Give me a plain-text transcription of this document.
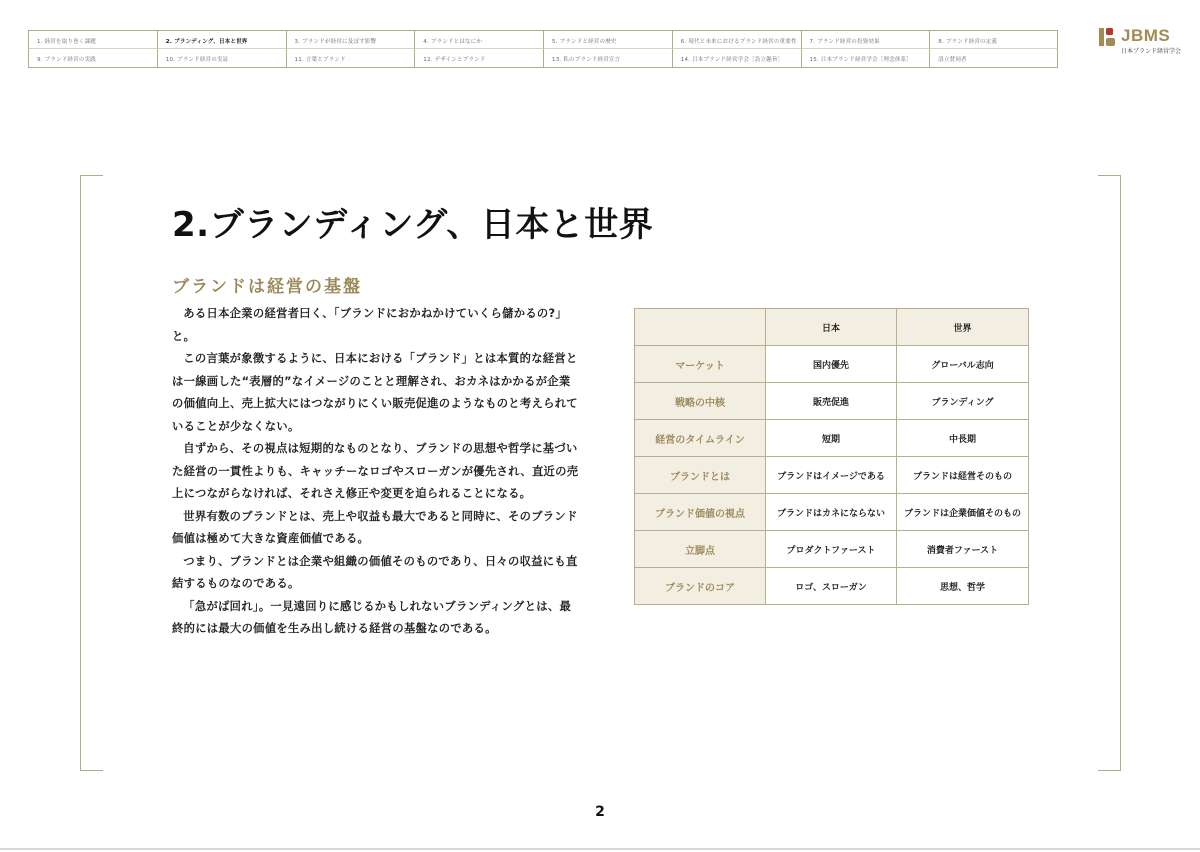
1. 経営を取り巻く課題	2. ブランディング、日本と世界	3. ブランドが経営に及ぼす影響	4. ブランドとはなにか	5. ブランドと経営の歴史	6. 現代と未来におけるブランド経営の重要性	7. ブランド経営の投資効果	8. ブランド経営の定義
9. ブランド経営の実践	10. ブランド経営の実証	11. 言葉とブランド	12. デザインとブランド	13. 私のブランド経営宣言	14. 日本ブランド経営学会［設立趣旨］	15. 日本ブランド経営学会［理念体系］	設立賛同者
JBMS
日本ブランド経営学会
2.ブランディング、日本と世界
ブランドは経営の基盤

ある日本企業の経営者曰く、「ブランドにおかねかけていくら儲かるの?」と。

この言葉が象徴するように、日本における「ブランド」とは本質的な経営とは一線画した“表層的”なイメージのことと理解され、おカネはかかるが企業の価値向上、売上拡大にはつながりにくい販売促進のようなものと考えられていることが少なくない。

自ずから、その視点は短期的なものとなり、ブランドの思想や哲学に基づいた経営の一貫性よりも、キャッチーなロゴやスローガンが優先され、直近の売上につながらなければ、それさえ修正や変更を迫られることになる。

世界有数のブランドとは、売上や収益も最大であると同時に、そのブランド価値は極めて大きな資産価値である。

つまり、ブランドとは企業や組織の価値そのものであり、日々の収益にも直結するものなのである。

「急がば回れ」。一見遠回りに感じるかもしれないブランディングとは、最終的には最大の価値を生み出し続ける経営の基盤なのである。

	日本	世界
マーケット	国内優先	グローバル志向
戦略の中核	販売促進	ブランディング
経営のタイムライン	短期	中長期
ブランドとは	ブランドはイメージである	ブランドは経営そのもの
ブランド価値の視点	ブランドはカネにならない	ブランドは企業価値そのもの
立脚点	プロダクトファースト	消費者ファースト
ブランドのコア	ロゴ、スローガン	思想、哲学
2
